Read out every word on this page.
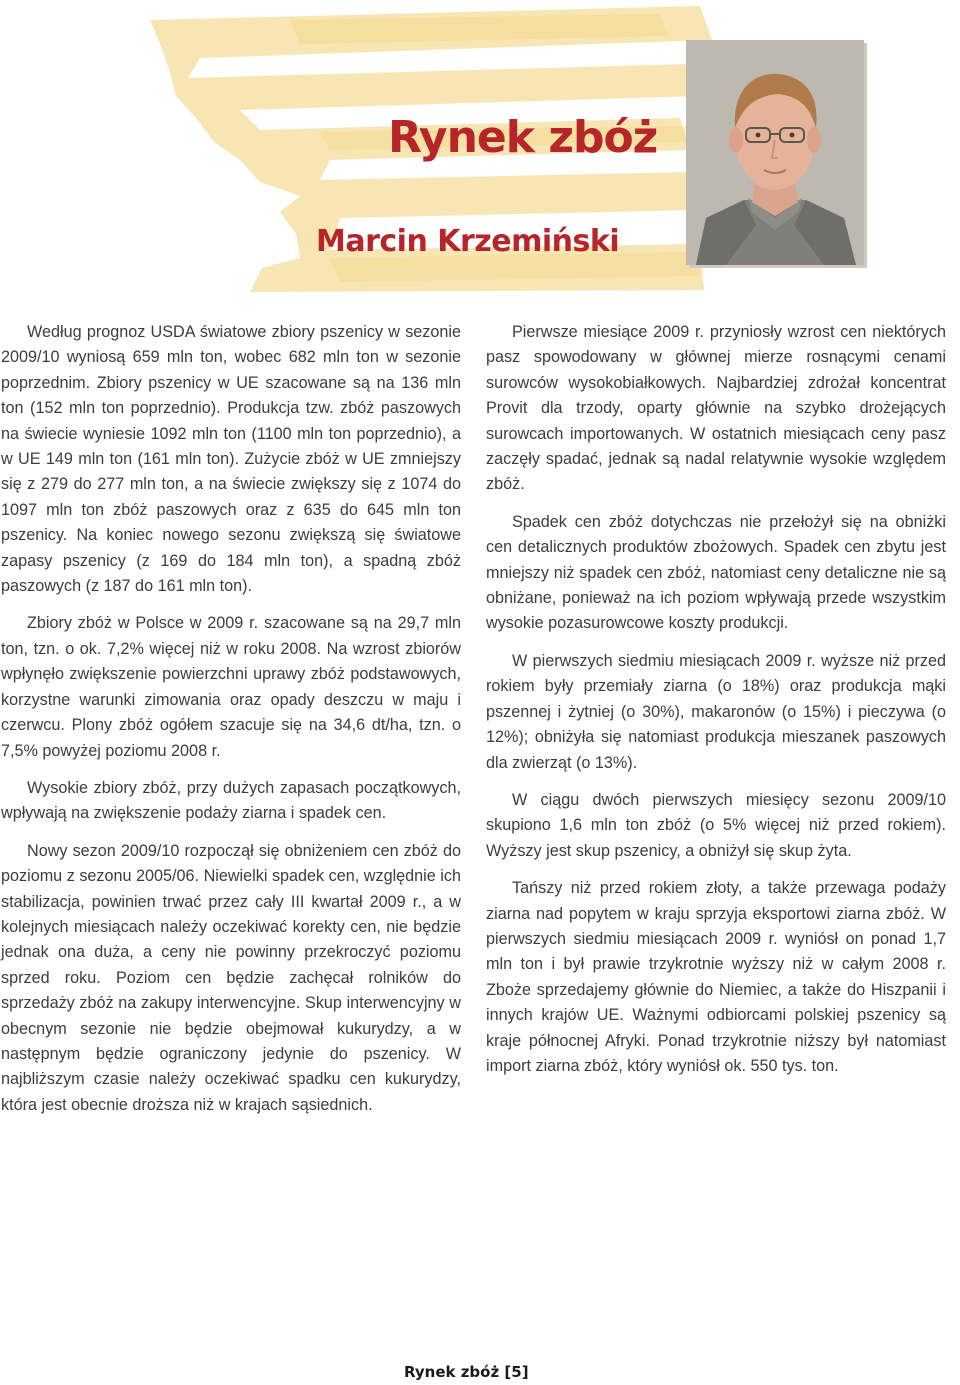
Rynek zbóż
Marcin Krzemiński

Według prognoz USDA światowe zbiory pszenicy w sezonie 2009/10 wyniosą 659 mln ton, wobec 682 mln ton w sezonie poprzednim. Zbiory pszenicy w UE szacowane są na 136 mln ton (152 mln ton poprzednio). Produkcja tzw. zbóż paszowych na świecie wyniesie 1092 mln ton (1100 mln ton poprzednio), a w UE 149 mln ton (161 mln ton). Zużycie zbóż w UE zmniejszy się z 279 do 277 mln ton, a na świecie zwiększy się z 1074 do 1097 mln ton zbóż paszowych oraz z 635 do 645 mln ton pszenicy. Na koniec nowego sezonu zwiększą się światowe zapasy pszenicy (z 169 do 184 mln ton), a spadną zbóż paszowych (z 187 do 161 mln ton).

Zbiory zbóż w Polsce w 2009 r. szacowane są na 29,7 mln ton, tzn. o ok. 7,2% więcej niż w roku 2008. Na wzrost zbiorów wpłynęło zwiększenie powierzchni uprawy zbóż podstawowych, korzystne warunki zimowania oraz opady deszczu w maju i czerwcu. Plony zbóż ogółem szacuje się na 34,6 dt/ha, tzn. o 7,5% powyżej poziomu 2008 r.

Wysokie zbiory zbóż, przy dużych zapasach początkowych, wpływają na zwiększenie podaży ziarna i spadek cen.

Nowy sezon 2009/10 rozpoczął się obniżeniem cen zbóż do poziomu z sezonu 2005/06. Niewielki spadek cen, względnie ich stabilizacja, powinien trwać przez cały III kwartał 2009 r., a w kolejnych miesiącach należy oczekiwać korekty cen, nie będzie jednak ona duża, a ceny nie powinny przekroczyć poziomu sprzed roku. Poziom cen będzie zachęcał rolników do sprzedaży zbóż na zakupy interwencyjne. Skup interwencyjny w obecnym sezonie nie będzie obejmował kukurydzy, a w następnym będzie ograniczony jedynie do pszenicy. W najbliższym czasie należy oczekiwać spadku cen kukurydzy, która jest obecnie droższa niż w krajach sąsiednich.

Pierwsze miesiące 2009 r. przyniosły wzrost cen niektórych pasz spowodowany w głównej mierze rosnącymi cenami surowców wysokobiałkowych. Najbardziej zdrożał koncentrat Provit dla trzody, oparty głównie na szybko drożejących surowcach importowanych. W ostatnich miesiącach ceny pasz zaczęły spadać, jednak są nadal relatywnie wysokie względem zbóż.

Spadek cen zbóż dotychczas nie przełożył się na obniżki cen detalicznych produktów zbożowych. Spadek cen zbytu jest mniejszy niż spadek cen zbóż, natomiast ceny detaliczne nie są obniżane, ponieważ na ich poziom wpływają przede wszystkim wysokie pozasurowcowe koszty produkcji.

W pierwszych siedmiu miesiącach 2009 r. wyższe niż przed rokiem były przemiały ziarna (o 18%) oraz produkcja mąki pszennej i żytniej (o 30%), makaronów (o 15%) i pieczywa (o 12%); obniżyła się natomiast produkcja mieszanek paszowych dla zwierząt (o 13%).

W ciągu dwóch pierwszych miesięcy sezonu 2009/10 skupiono 1,6 mln ton zbóż (o 5% więcej niż przed rokiem). Wyższy jest skup pszenicy, a obniżył się skup żyta.

Tańszy niż przed rokiem złoty, a także przewaga podaży ziarna nad popytem w kraju sprzyja eksportowi ziarna zbóż. W pierwszych siedmiu miesiącach 2009 r. wyniósł on ponad 1,7 mln ton i był prawie trzykrotnie wyższy niż w całym 2008 r. Zboże sprzedajemy głównie do Niemiec, a także do Hiszpanii i innych krajów UE. Ważnymi odbiorcami polskiej pszenicy są kraje północnej Afryki. Ponad trzykrotnie niższy był natomiast import ziarna zbóż, który wyniósł ok. 550 tys. ton.

Rynek zbóż [5]
